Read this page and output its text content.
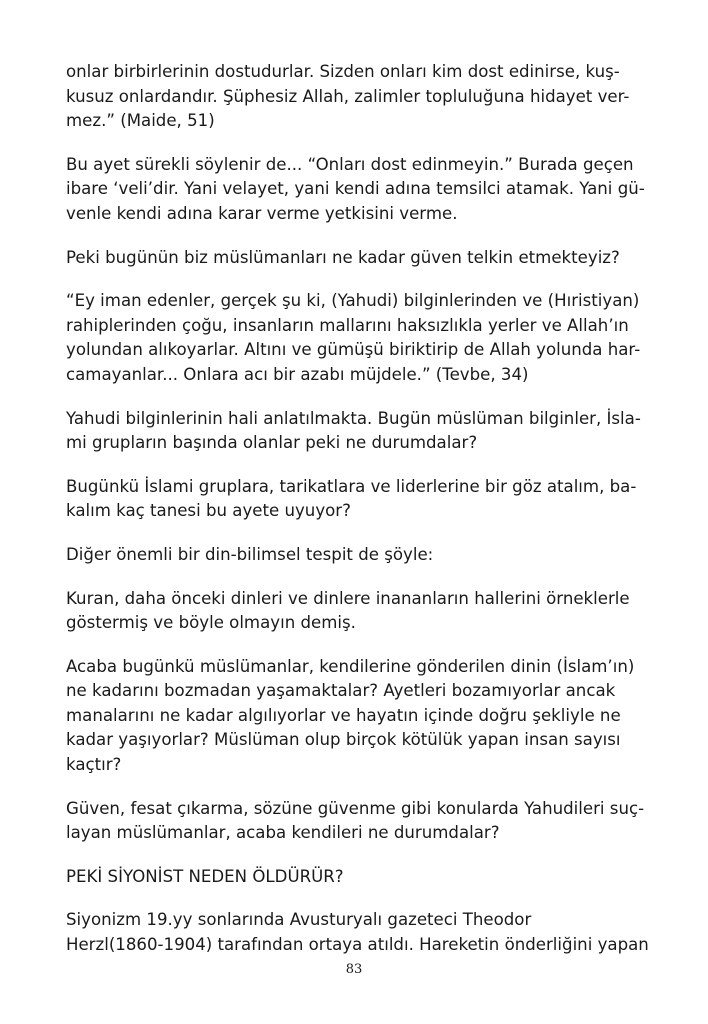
onlar birbirlerinin dostudurlar. Sizden onları kim dost edinirse, kuş-
kusuz onlardandır. Şüphesiz Allah, zalimler topluluğuna hidayet ver-
mez.” (Maide, 51)

Bu ayet sürekli söylenir de... “Onları dost edinmeyin.” Burada geçen
ibare ‘veli’dir. Yani velayet, yani kendi adına temsilci atamak. Yani gü-
venle kendi adına karar verme yetkisini verme.

Peki bugünün biz müslümanları ne kadar güven telkin etmekteyiz?

“Ey iman edenler, gerçek şu ki, (Yahudi) bilginlerinden ve (Hıristiyan)
rahiplerinden çoğu, insanların mallarını haksızlıkla yerler ve Allah’ın
yolundan alıkoyarlar. Altını ve gümüşü biriktirip de Allah yolunda har-
camayanlar... Onlara acı bir azabı müjdele.” (Tevbe, 34)

Yahudi bilginlerinin hali anlatılmakta. Bugün müslüman bilginler, İsla-
mi grupların başında olanlar peki ne durumdalar?

Bugünkü İslami gruplara, tarikatlara ve liderlerine bir göz atalım, ba-
kalım kaç tanesi bu ayete uyuyor?

Diğer önemli bir din-bilimsel tespit de şöyle:

Kuran, daha önceki dinleri ve dinlere inananların hallerini örneklerle
göstermiş ve böyle olmayın demiş.

Acaba bugünkü müslümanlar, kendilerine gönderilen dinin (İslam’ın)
ne kadarını bozmadan yaşamaktalar? Ayetleri bozamıyorlar ancak
manalarını ne kadar algılıyorlar ve hayatın içinde doğru şekliyle ne
kadar yaşıyorlar? Müslüman olup birçok kötülük yapan insan sayısı
kaçtır?

Güven, fesat çıkarma, sözüne güvenme gibi konularda Yahudileri suç-
layan müslümanlar, acaba kendileri ne durumdalar?

PEKİ SİYONİST NEDEN ÖLDÜRÜR?

Siyonizm 19.yy sonlarında Avusturyalı gazeteci Theodor
Herzl(1860-1904) tarafından ortaya atıldı. Hareketin önderliğini yapan

83
